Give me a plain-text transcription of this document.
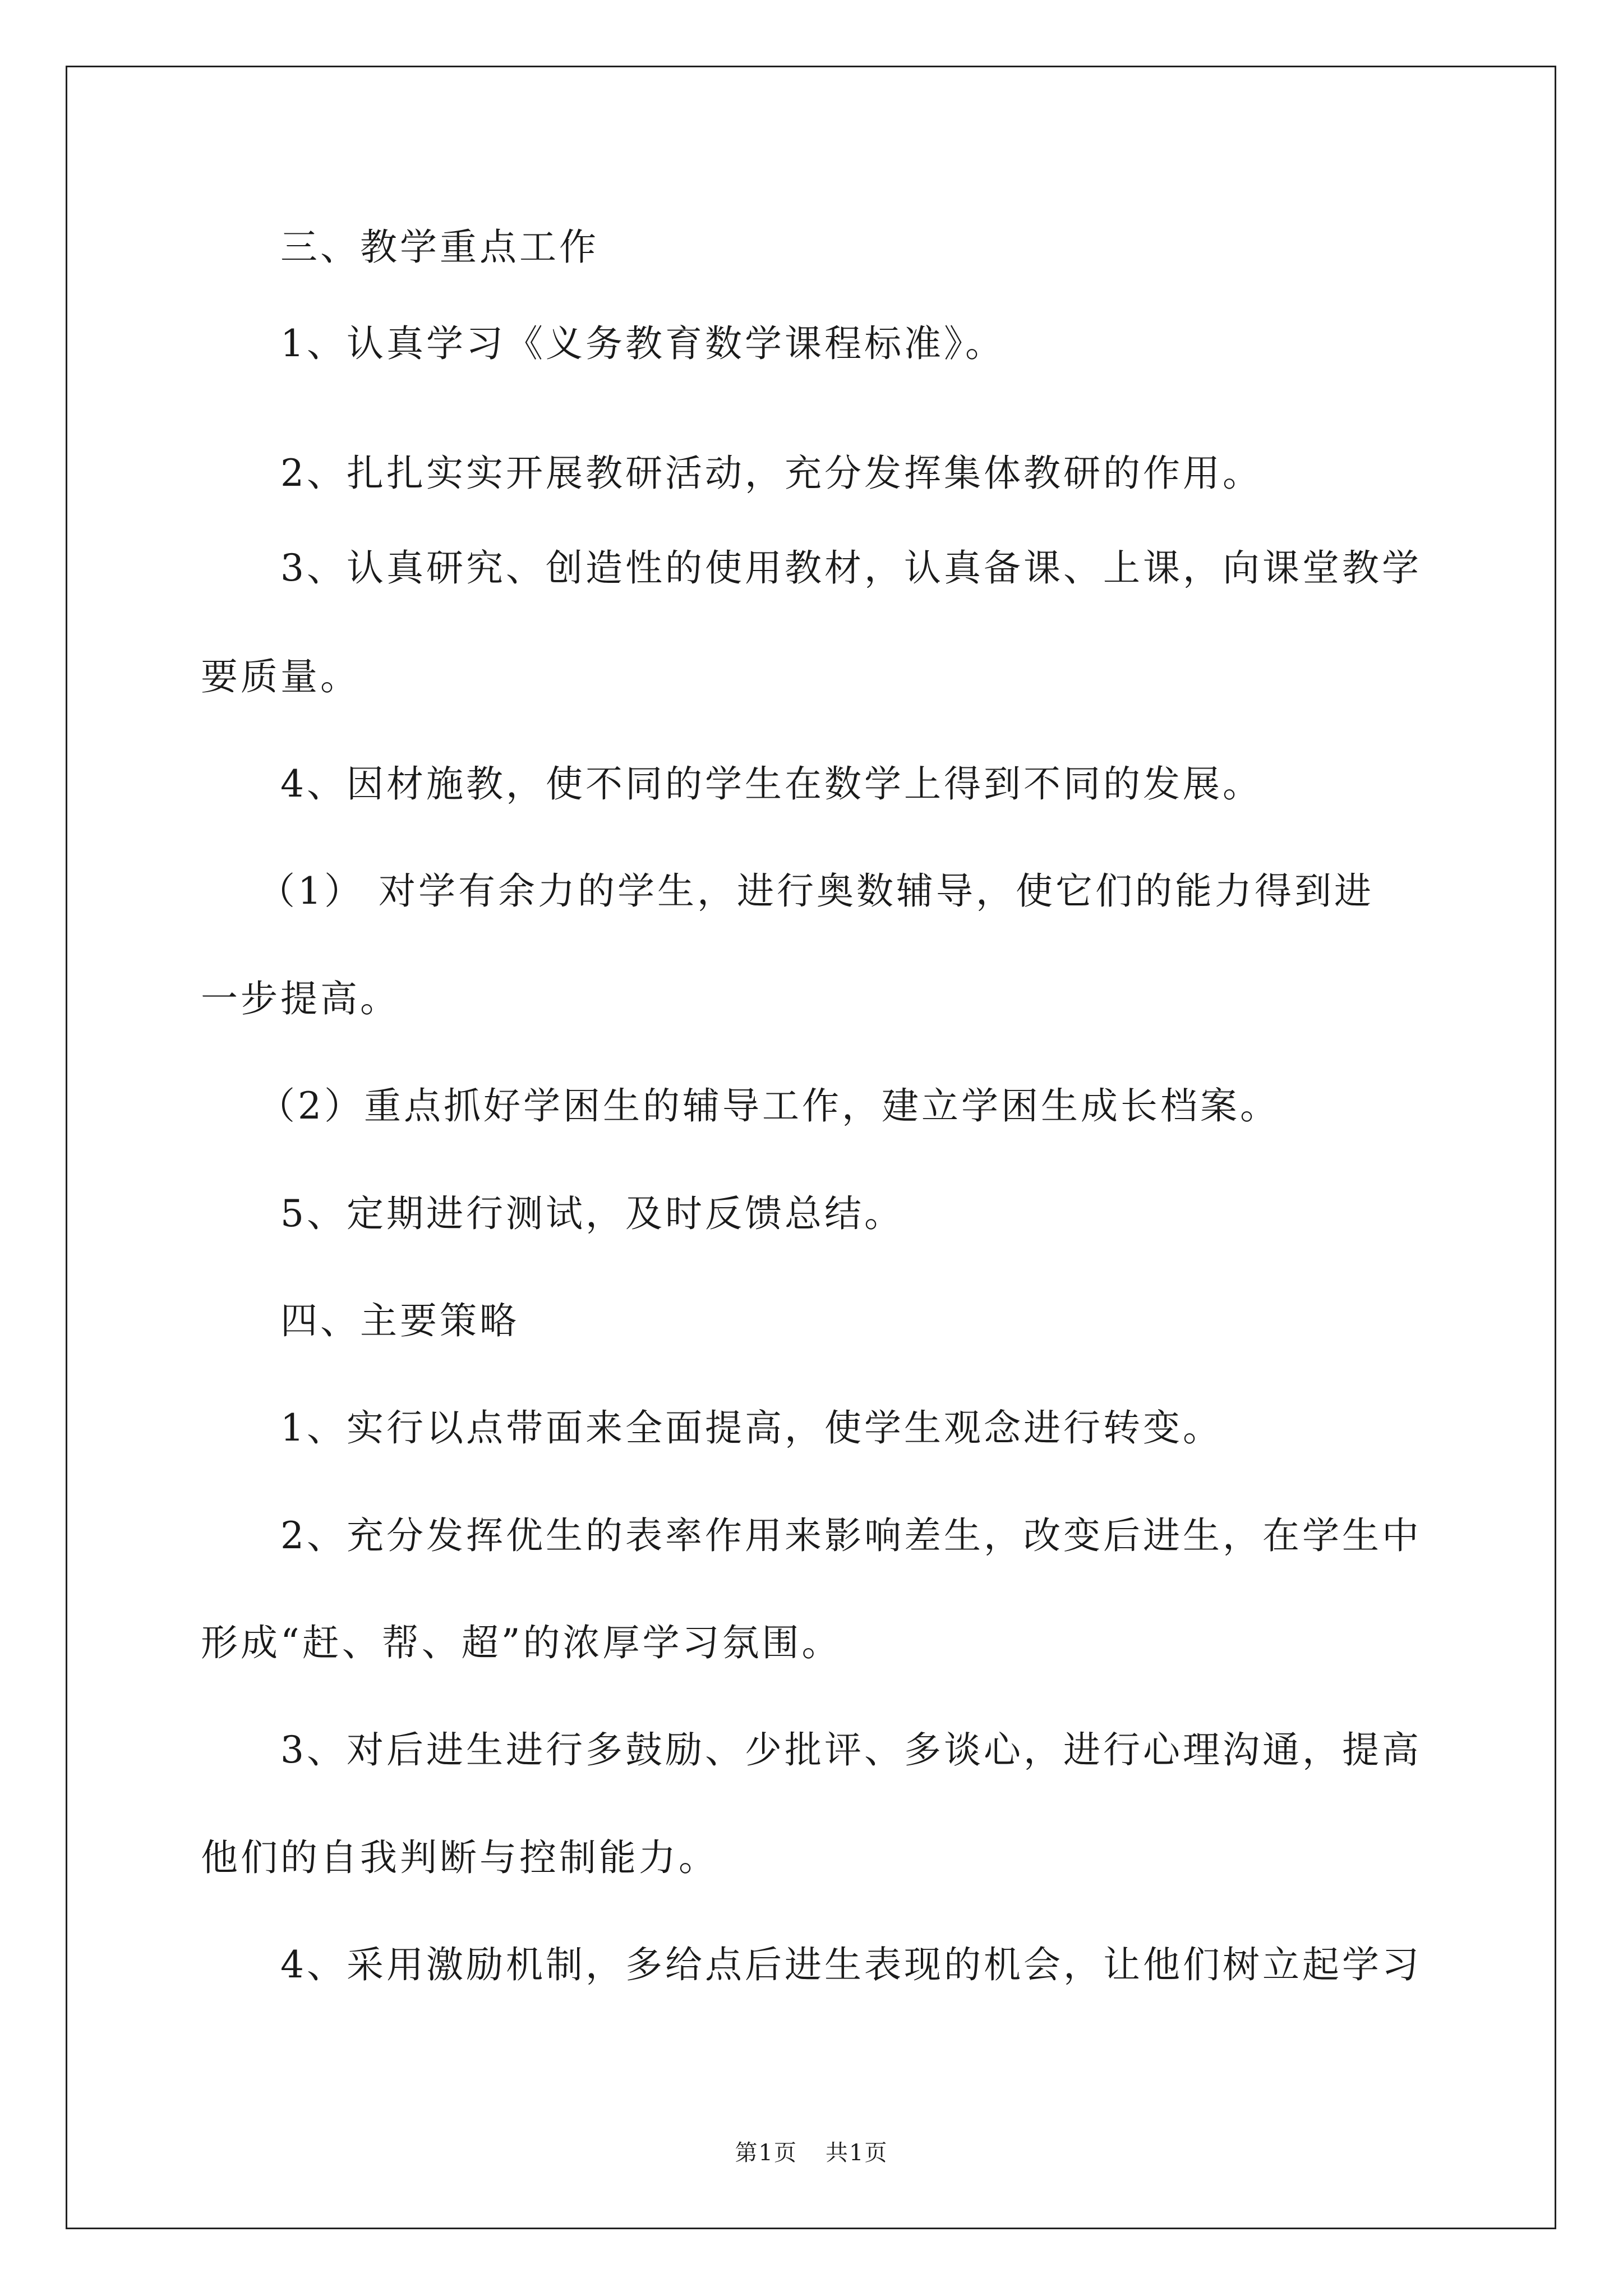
三、教学重点工作
1、认真学习《义务教育数学课程标准》。
2、扎扎实实开展教研活动，充分发挥集体教研的作用。
3、认真研究、创造性的使用教材，认真备课、上课，向课堂教学
要质量。
4、因材施教，使不同的学生在数学上得到不同的发展。
（1） 对学有余力的学生，进行奥数辅导，使它们的能力得到进
一步提高。
（2）重点抓好学困生的辅导工作，建立学困生成长档案。
5、定期进行测试，及时反馈总结。
四、主要策略
1、实行以点带面来全面提高，使学生观念进行转变。
2、充分发挥优生的表率作用来影响差生，改变后进生，在学生中
形成“赶、帮、超”的浓厚学习氛围。
3、对后进生进行多鼓励、少批评、多谈心，进行心理沟通，提高
他们的自我判断与控制能力。
4、采用激励机制，多给点后进生表现的机会，让他们树立起学习
第1页 共1页
